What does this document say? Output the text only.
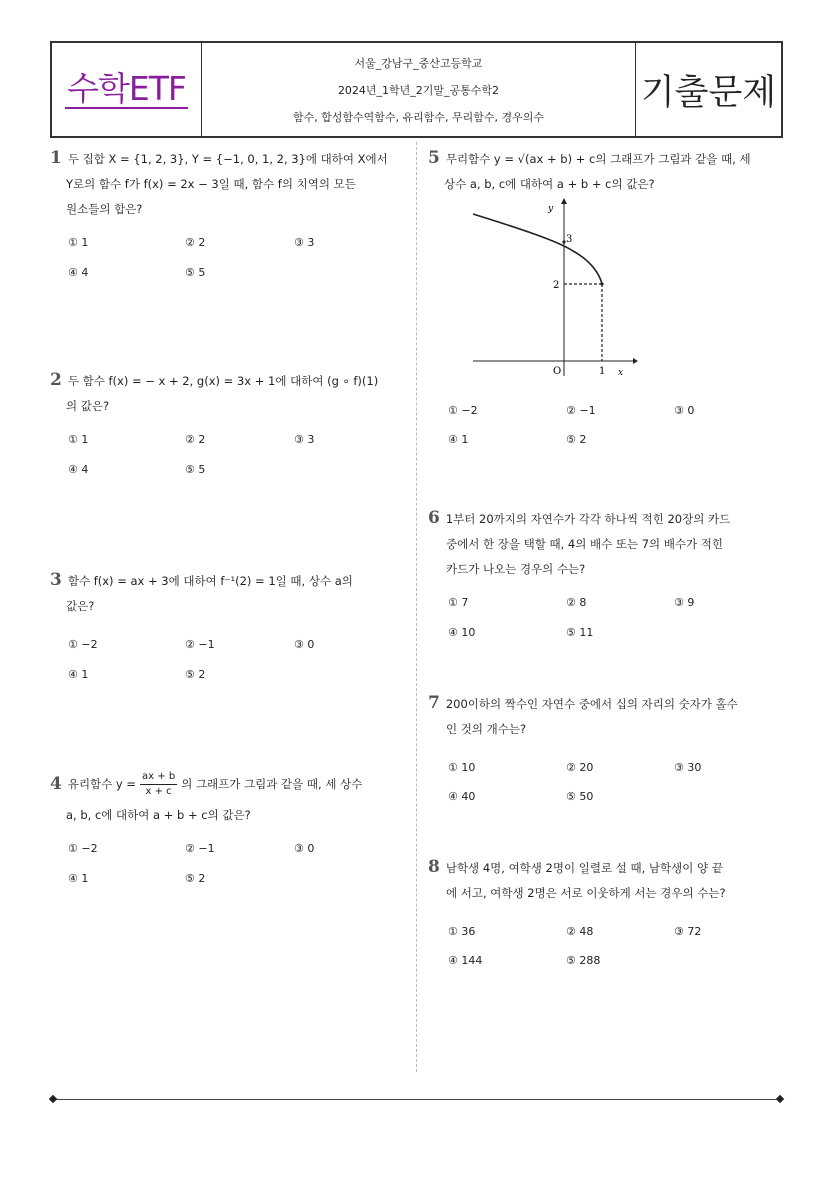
수학ETF
서울_강남구_중산고등학교
2024년_1학년_2기말_공통수학2
함수, 합성함수역함수, 유리함수, 무리함수, 경우의수
기출문제
1 두 집합 X = {1, 2, 3}, Y = {−1, 0, 1, 2, 3}에 대하여 X에서
Y로의 함수 f가 f(x) = 2x − 3일 때, 함수 f의 치역의 모든
원소들의 합은?
① 1	② 2	③ 3
④ 4	⑤ 5
2 두 함수 f(x) = − x + 2, g(x) = 3x + 1에 대하여 (g ∘ f)(1)
의 값은?
① 1	② 2	③ 3
④ 4	⑤ 5
3 함수 f(x) = ax + 3에 대하여 f⁻¹(2) = 1일 때, 상수 a의
값은?
① −2	② −1	③ 0
④ 1	⑤ 2
4 유리함수 $y = \frac{ax + b}{x + c}$ 의 그래프가 그림과 같을 때, 세 상수
a, b, c에 대하여 a + b + c의 값은?
① −2	② −1	③ 0
④ 1	⑤ 2
5 무리함수 y = √(ax + b) + c의 그래프가 그림과 같을 때, 세
상수 a, b, c에 대하여 a + b + c의 값은?
y
x
O
3
2
1
① −2	② −1	③ 0
④ 1	⑤ 2
6 1부터 20까지의 자연수가 각각 하나씩 적힌 20장의 카드
중에서 한 장을 택할 때, 4의 배수 또는 7의 배수가 적힌
카드가 나오는 경우의 수는?
① 7	② 8	③ 9
④ 10	⑤ 11
7 200이하의 짝수인 자연수 중에서 십의 자리의 숫자가 홀수
인 것의 개수는?
① 10	② 20	③ 30
④ 40	⑤ 50
8 남학생 4명, 여학생 2명이 일렬로 설 때, 남학생이 양 끝
에 서고, 여학생 2명은 서로 이웃하게 서는 경우의 수는?
① 36	② 48	③ 72
④ 144	⑤ 288
